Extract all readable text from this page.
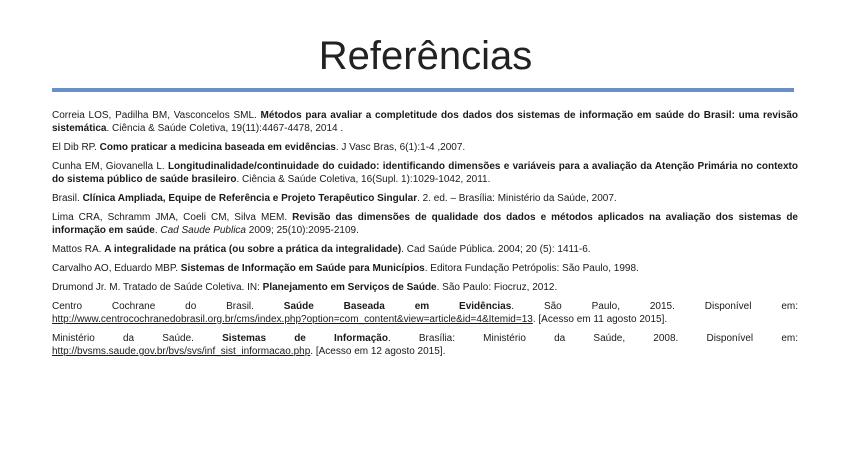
Referências

Correia LOS, Padilha BM, Vasconcelos SML. Métodos para avaliar a completitude dos dados dos sistemas de informação em saúde do Brasil: uma revisão sistemática. Ciência & Saúde Coletiva, 19(11):4467-4478, 2014 .

El Dib RP. Como praticar a medicina baseada em evidências. J Vasc Bras, 6(1):1-4 ,2007.

Cunha EM, Giovanella L. Longitudinalidade/continuidade do cuidado: identificando dimensões e variáveis para a avaliação da Atenção Primária no contexto do sistema público de saúde brasileiro. Ciência & Saúde Coletiva, 16(Supl. 1):1029-1042, 2011.

Brasil. Clínica Ampliada, Equipe de Referência e Projeto Terapêutico Singular. 2. ed. – Brasília: Ministério da Saúde, 2007.

Lima CRA, Schramm JMA, Coeli CM, Silva MEM. Revisão das dimensões de qualidade dos dados e métodos aplicados na avaliação dos sistemas de informação em saúde. Cad Saude Publica 2009; 25(10):2095-2109.

Mattos RA. A integralidade na prática (ou sobre a prática da integralidade). Cad Saúde Pública. 2004; 20 (5): 1411-6.

Carvalho AO, Eduardo MBP. Sistemas de Informação em Saúde para Municípios. Editora Fundação Petrópolis: São Paulo, 1998.

Drumond Jr. M. Tratado de Saúde Coletiva. IN: Planejamento em Serviços de Saúde. São Paulo: Fiocruz, 2012.

Centro Cochrane do Brasil. Saúde Baseada em Evidências. São Paulo, 2015. Disponível em:

http://www.centrocochranedobrasil.org.br/cms/index.php?option=com_content&view=article&id=4&Itemid=13. [Acesso em 11 agosto 2015].

Ministério da Saúde. Sistemas de Informação. Brasília: Ministério da Saúde, 2008. Disponível em:

http://bvsms.saude.gov.br/bvs/svs/inf_sist_informacao.php. [Acesso em 12 agosto 2015].
